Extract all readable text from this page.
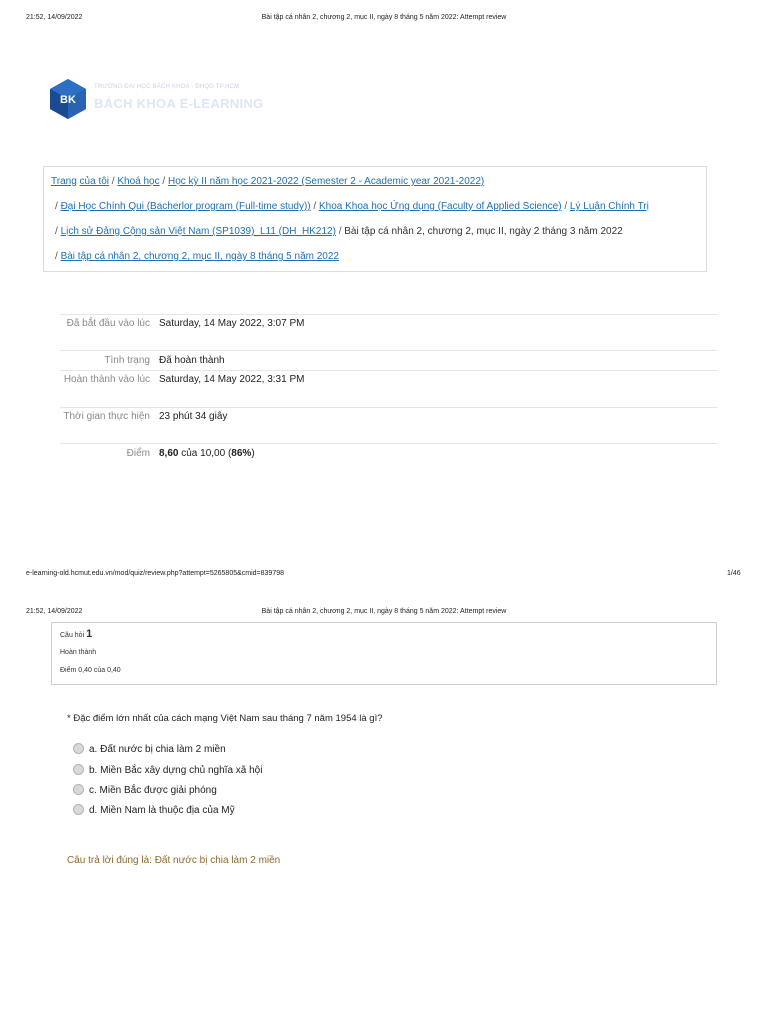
21:52, 14/09/2022	Bài tập cá nhân 2, chương 2, mục II, ngày 8 tháng 5 năm 2022: Attempt review
BK
TRƯỜNG ĐẠI HỌC BÁCH KHOA - ĐHQG TP.HCM
BÁCH KHOA E-LEARNING
Trang của tôi / Khoá học / Học kỳ II năm học 2021-2022 (Semester 2 - Academic year 2021-2022)
/ Đại Học Chính Qui (Bacherlor program (Full-time study)) / Khoa Khoa học Ứng dụng (Faculty of Applied Science) / Lý Luận Chính Trị
/ Lịch sử Đảng Cộng sản Việt Nam (SP1039)_L11 (DH_HK212) / Bài tập cá nhân 2, chương 2, mục II, ngày 2 tháng 3 năm 2022
/ Bài tập cá nhân 2, chương 2, mục II, ngày 8 tháng 5 năm 2022
Đã bắt đầu vào lúc Saturday, 14 May 2022, 3:07 PM
Tình trạng Đã hoàn thành
Hoàn thành vào lúc Saturday, 14 May 2022, 3:31 PM
Thời gian thực hiện 23 phút 34 giây
Điểm 8,60 của 10,00 (86%)
e-learning-old.hcmut.edu.vn/mod/quiz/review.php?attempt=5265805&cmid=839798	1/46
21:52, 14/09/2022	Bài tập cá nhân 2, chương 2, mục II, ngày 8 tháng 5 năm 2022: Attempt review
Câu hỏi 1
Hoàn thành
Điểm 0,40 của 0,40
* Đặc điểm lớn nhất của cách mạng Việt Nam sau tháng 7 năm 1954 là gì?
a. Đất nước bị chia làm 2 miền
b. Miền Bắc xây dựng chủ nghĩa xã hội
c. Miền Bắc được giải phóng
d. Miền Nam là thuộc địa của Mỹ
Câu trả lời đúng là: Đất nước bị chia làm 2 miền
